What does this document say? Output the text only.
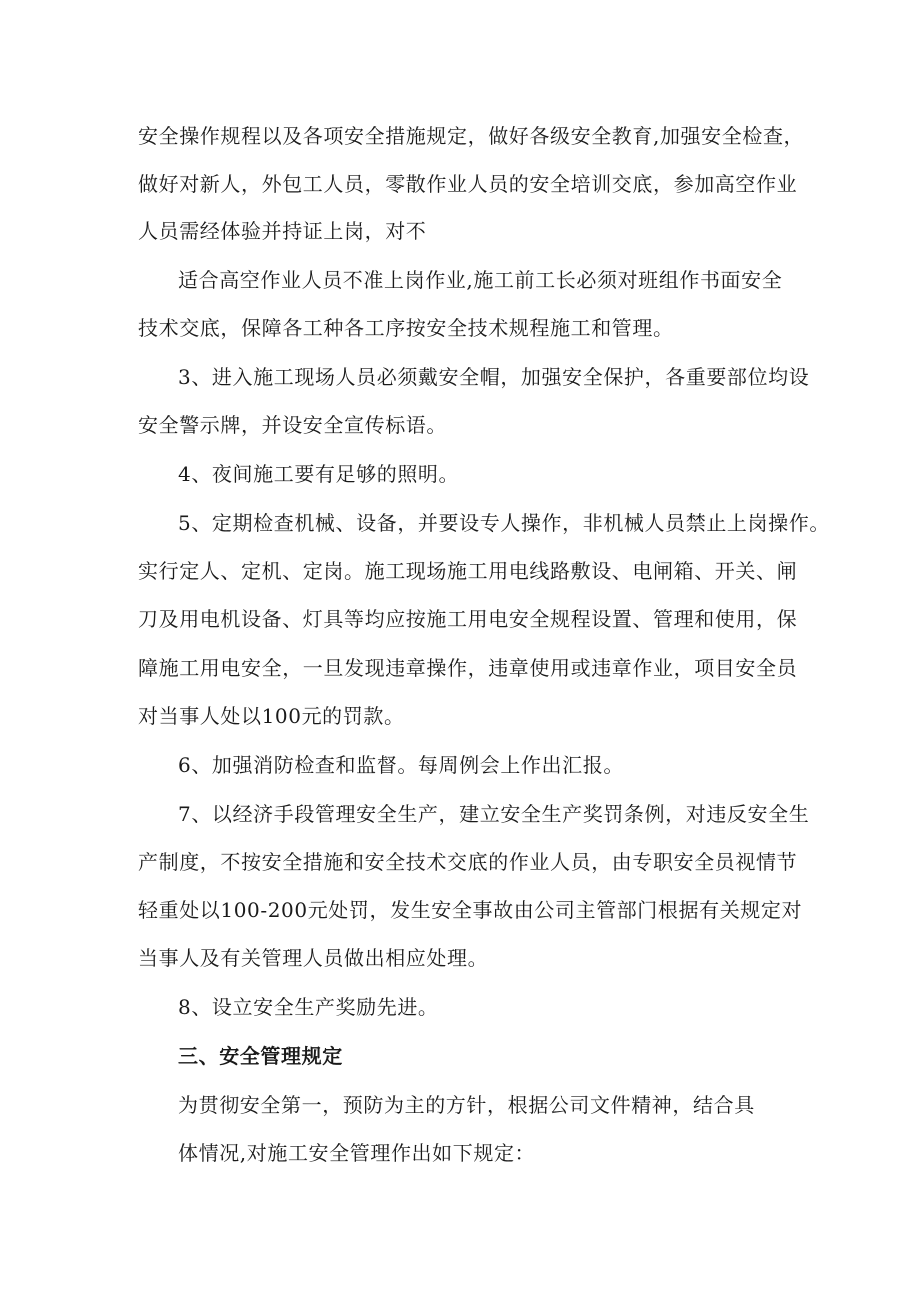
安全操作规程以及各项安全措施规定，做好各级安全教育,加强安全检查，
做好对新人，外包工人员，零散作业人员的安全培训交底，参加高空作业
人员需经体验并持证上岗，对不
适合高空作业人员不准上岗作业,施工前工长必须对班组作书面安全
技术交底，保障各工种各工序按安全技术规程施工和管理。
3、进入施工现场人员必须戴安全帽，加强安全保护，各重要部位均设
安全警示牌，并设安全宣传标语。
4、夜间施工要有足够的照明。
5、定期检查机械、设备，并要设专人操作，非机械人员禁止上岗操作。
实行定人、定机、定岗。施工现场施工用电线路敷设、电闸箱、开关、闸
刀及用电机设备、灯具等均应按施工用电安全规程设置、管理和使用，保
障施工用电安全，一旦发现违章操作，违章使用或违章作业，项目安全员
对当事人处以100元的罚款。
6、加强消防检查和监督。每周例会上作出汇报。
7、以经济手段管理安全生产，建立安全生产奖罚条例，对违反安全生
产制度，不按安全措施和安全技术交底的作业人员，由专职安全员视情节
轻重处以100-200元处罚，发生安全事故由公司主管部门根据有关规定对
当事人及有关管理人员做出相应处理。
8、设立安全生产奖励先进。
三、安全管理规定
为贯彻安全第一，预防为主的方针，根据公司文件精神，结合具
体情况,对施工安全管理作出如下规定：
